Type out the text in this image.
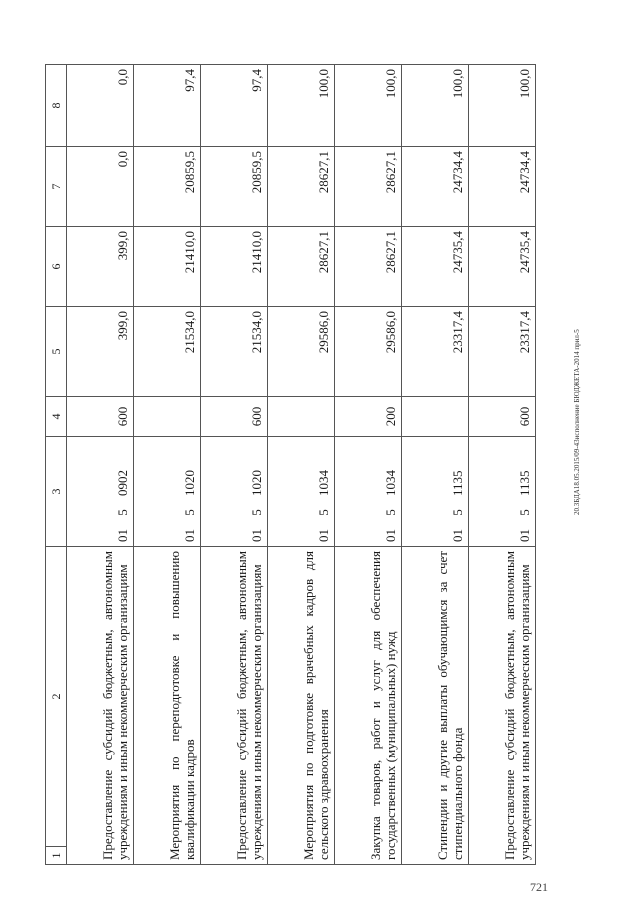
1	2	3	4	5	6	7	8
Предоставление субсидий бюджетным, автономным учреждениям и иным некоммерческим организациям		01 5 0902	600	399,0	399,0	0,0	0,0
Мероприятия по переподготовке и повышению квалификации кадров		01 5 1020		21534,0	21410,0	20859,5	97,4
Предоставление субсидий бюджетным, автономным учреждениям и иным некоммерческим организациям		01 5 1020	600	21534,0	21410,0	20859,5	97,4
Мероприятия по подготовке врачебных кадров для сельского здравоохранения		01 5 1034		29586,0	28627,1	28627,1	100,0
Закупка товаров, работ и услуг для обеспечения государственных (муниципальных) нужд		01 5 1034	200	29586,0	28627,1	28627,1	100,0
Стипендии и другие выплаты обучающимся за счет стипендиального фонда		01 5 1135		23317,4	24735,4	24734,4	100,0
Предоставление субсидий бюджетным, автономным учреждениям и иным некоммерческим организациям		01 5 1135	600	23317,4	24735,4	24734,4	100,0
20.ЗБДА18.05.2015/09-43исполнение БЮДЖЕТА-2014 прил-5
721
